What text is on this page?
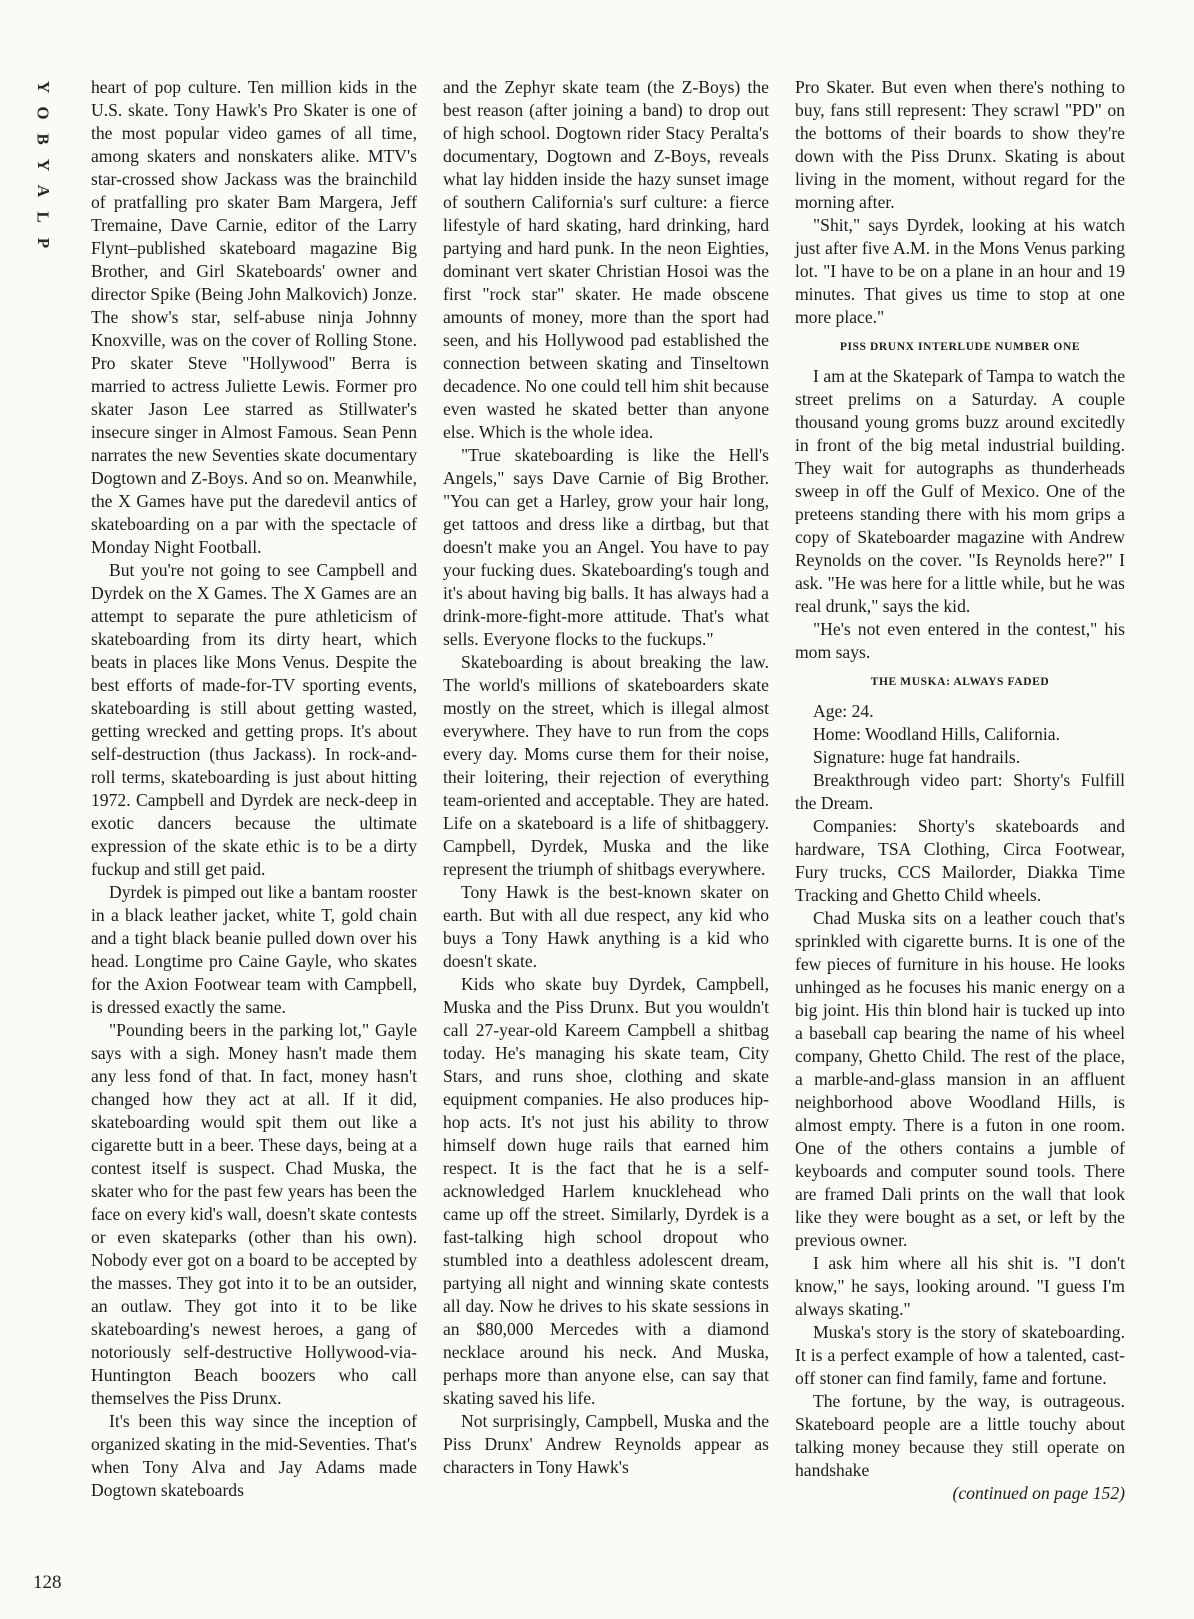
Y
O
B
Y
A
L
P
128

heart of pop culture. Ten million kids in the U.S. skate. Tony Hawk's Pro Skater is one of the most popular video games of all time, among skaters and nonskaters alike. MTV's star-crossed show Jackass was the brainchild of pratfalling pro skater Bam Margera, Jeff Tremaine, Dave Carnie, editor of the Larry Flynt–published skateboard magazine Big Brother, and Girl Skateboards' owner and director Spike (Being John Malkovich) Jonze. The show's star, self-abuse ninja Johnny Knoxville, was on the cover of Rolling Stone. Pro skater Steve "Hollywood" Berra is married to actress Juliette Lewis. Former pro skater Jason Lee starred as Stillwater's insecure singer in Almost Famous. Sean Penn narrates the new Seventies skate documentary Dogtown and Z-Boys. And so on. Meanwhile, the X Games have put the daredevil antics of skateboarding on a par with the spectacle of Monday Night Football.

But you're not going to see Campbell and Dyrdek on the X Games. The X Games are an attempt to separate the pure athleticism of skateboarding from its dirty heart, which beats in places like Mons Venus. Despite the best efforts of made-for-TV sporting events, skateboarding is still about getting wasted, getting wrecked and getting props. It's about self-destruction (thus Jackass). In rock-and-roll terms, skateboarding is just about hitting 1972. Campbell and Dyrdek are neck-deep in exotic dancers because the ultimate expression of the skate ethic is to be a dirty fuckup and still get paid.

Dyrdek is pimped out like a bantam rooster in a black leather jacket, white T, gold chain and a tight black beanie pulled down over his head. Longtime pro Caine Gayle, who skates for the Axion Footwear team with Campbell, is dressed exactly the same.

"Pounding beers in the parking lot," Gayle says with a sigh. Money hasn't made them any less fond of that. In fact, money hasn't changed how they act at all. If it did, skateboarding would spit them out like a cigarette butt in a beer. These days, being at a contest itself is suspect. Chad Muska, the skater who for the past few years has been the face on every kid's wall, doesn't skate contests or even skateparks (other than his own). Nobody ever got on a board to be accepted by the masses. They got into it to be an outsider, an outlaw. They got into it to be like skateboarding's newest heroes, a gang of notoriously self-destructive Hollywood-via-Huntington Beach boozers who call themselves the Piss Drunx.

It's been this way since the inception of organized skating in the mid-Seventies. That's when Tony Alva and Jay Adams made Dogtown skateboards

and the Zephyr skate team (the Z-Boys) the best reason (after joining a band) to drop out of high school. Dogtown rider Stacy Peralta's documentary, Dogtown and Z-Boys, reveals what lay hidden inside the hazy sunset image of southern California's surf culture: a fierce lifestyle of hard skating, hard drinking, hard partying and hard punk. In the neon Eighties, dominant vert skater Christian Hosoi was the first "rock star" skater. He made obscene amounts of money, more than the sport had seen, and his Hollywood pad established the connection between skating and Tinseltown decadence. No one could tell him shit because even wasted he skated better than anyone else. Which is the whole idea.

"True skateboarding is like the Hell's Angels," says Dave Carnie of Big Brother. "You can get a Harley, grow your hair long, get tattoos and dress like a dirtbag, but that doesn't make you an Angel. You have to pay your fucking dues. Skateboarding's tough and it's about having big balls. It has always had a drink-more-fight-more attitude. That's what sells. Everyone flocks to the fuckups."

Skateboarding is about breaking the law. The world's millions of skateboarders skate mostly on the street, which is illegal almost everywhere. They have to run from the cops every day. Moms curse them for their noise, their loitering, their rejection of everything team-oriented and acceptable. They are hated. Life on a skateboard is a life of shitbaggery. Campbell, Dyrdek, Muska and the like represent the triumph of shitbags everywhere.

Tony Hawk is the best-known skater on earth. But with all due respect, any kid who buys a Tony Hawk anything is a kid who doesn't skate.

Kids who skate buy Dyrdek, Campbell, Muska and the Piss Drunx. But you wouldn't call 27-year-old Kareem Campbell a shitbag today. He's managing his skate team, City Stars, and runs shoe, clothing and skate equipment companies. He also produces hip-hop acts. It's not just his ability to throw himself down huge rails that earned him respect. It is the fact that he is a self-acknowledged Harlem knucklehead who came up off the street. Similarly, Dyrdek is a fast-talking high school dropout who stumbled into a deathless adolescent dream, partying all night and winning skate contests all day. Now he drives to his skate sessions in an $80,000 Mercedes with a diamond necklace around his neck. And Muska, perhaps more than anyone else, can say that skating saved his life.

Not surprisingly, Campbell, Muska and the Piss Drunx' Andrew Reynolds appear as characters in Tony Hawk's

Pro Skater. But even when there's nothing to buy, fans still represent: They scrawl "PD" on the bottoms of their boards to show they're down with the Piss Drunx. Skating is about living in the moment, without regard for the morning after.

"Shit," says Dyrdek, looking at his watch just after five A.M. in the Mons Venus parking lot. "I have to be on a plane in an hour and 19 minutes. That gives us time to stop at one more place."

PISS DRUNX INTERLUDE NUMBER ONE

I am at the Skatepark of Tampa to watch the street prelims on a Saturday. A couple thousand young groms buzz around excitedly in front of the big metal industrial building. They wait for autographs as thunderheads sweep in off the Gulf of Mexico. One of the preteens standing there with his mom grips a copy of Skateboarder magazine with Andrew Reynolds on the cover. "Is Reynolds here?" I ask. "He was here for a little while, but he was real drunk," says the kid.

"He's not even entered in the contest," his mom says.

THE MUSKA: ALWAYS FADED

Age: 24.

Home: Woodland Hills, California.

Signature: huge fat handrails.

Breakthrough video part: Shorty's Fulfill the Dream.

Companies: Shorty's skateboards and hardware, TSA Clothing, Circa Footwear, Fury trucks, CCS Mailorder, Diakka Time Tracking and Ghetto Child wheels.

Chad Muska sits on a leather couch that's sprinkled with cigarette burns. It is one of the few pieces of furniture in his house. He looks unhinged as he focuses his manic energy on a big joint. His thin blond hair is tucked up into a baseball cap bearing the name of his wheel company, Ghetto Child. The rest of the place, a marble-and-glass mansion in an affluent neighborhood above Woodland Hills, is almost empty. There is a futon in one room. One of the others contains a jumble of keyboards and computer sound tools. There are framed Dali prints on the wall that look like they were bought as a set, or left by the previous owner.

I ask him where all his shit is. "I don't know," he says, looking around. "I guess I'm always skating."

Muska's story is the story of skateboarding. It is a perfect example of how a talented, cast-off stoner can find family, fame and fortune.

The fortune, by the way, is outrageous. Skateboard people are a little touchy about talking money because they still operate on handshake

(continued on page 152)
